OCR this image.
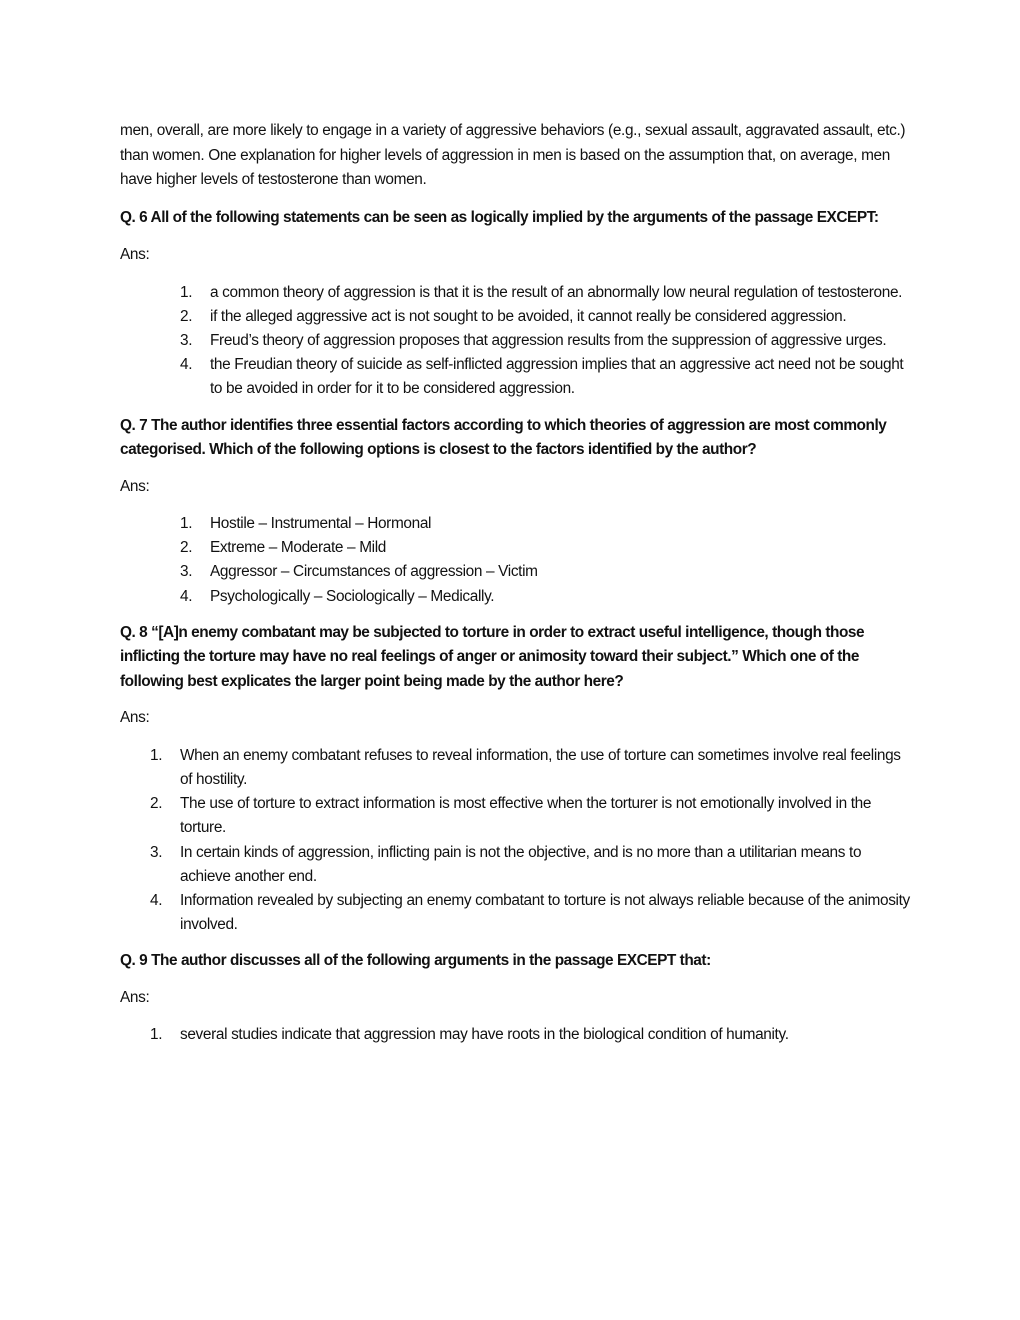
men, overall, are more likely to engage in a variety of aggressive behaviors (e.g., sexual assault, aggravated assault, etc.) than women. One explanation for higher levels of aggression in men is based on the assumption that, on average, men have higher levels of testosterone than women.

Q. 6 All of the following statements can be seen as logically implied by the arguments of the passage EXCEPT:

Ans:

1. a common theory of aggression is that it is the result of an abnormally low neural regulation of testosterone.
2. if the alleged aggressive act is not sought to be avoided, it cannot really be considered aggression.
3. Freud’s theory of aggression proposes that aggression results from the suppression of aggressive urges.
4. the Freudian theory of suicide as self-inflicted aggression implies that an aggressive act need not be sought to be avoided in order for it to be considered aggression.

Q. 7 The author identifies three essential factors according to which theories of aggression are most commonly categorised. Which of the following options is closest to the factors identified by the author?

Ans:

1. Hostile – Instrumental – Hormonal
2. Extreme – Moderate – Mild
3. Aggressor – Circumstances of aggression – Victim
4. Psychologically – Sociologically – Medically.

Q. 8 “[A]n enemy combatant may be subjected to torture in order to extract useful intelligence, though those inflicting the torture may have no real feelings of anger or animosity toward their subject.” Which one of the following best explicates the larger point being made by the author here?

Ans:

1. When an enemy combatant refuses to reveal information, the use of torture can sometimes involve real feelings of hostility.
2. The use of torture to extract information is most effective when the torturer is not emotionally involved in the torture.
3. In certain kinds of aggression, inflicting pain is not the objective, and is no more than a utilitarian means to achieve another end.
4. Information revealed by subjecting an enemy combatant to torture is not always reliable because of the animosity involved.

Q. 9 The author discusses all of the following arguments in the passage EXCEPT that:

Ans:

1. several studies indicate that aggression may have roots in the biological condition of humanity.
